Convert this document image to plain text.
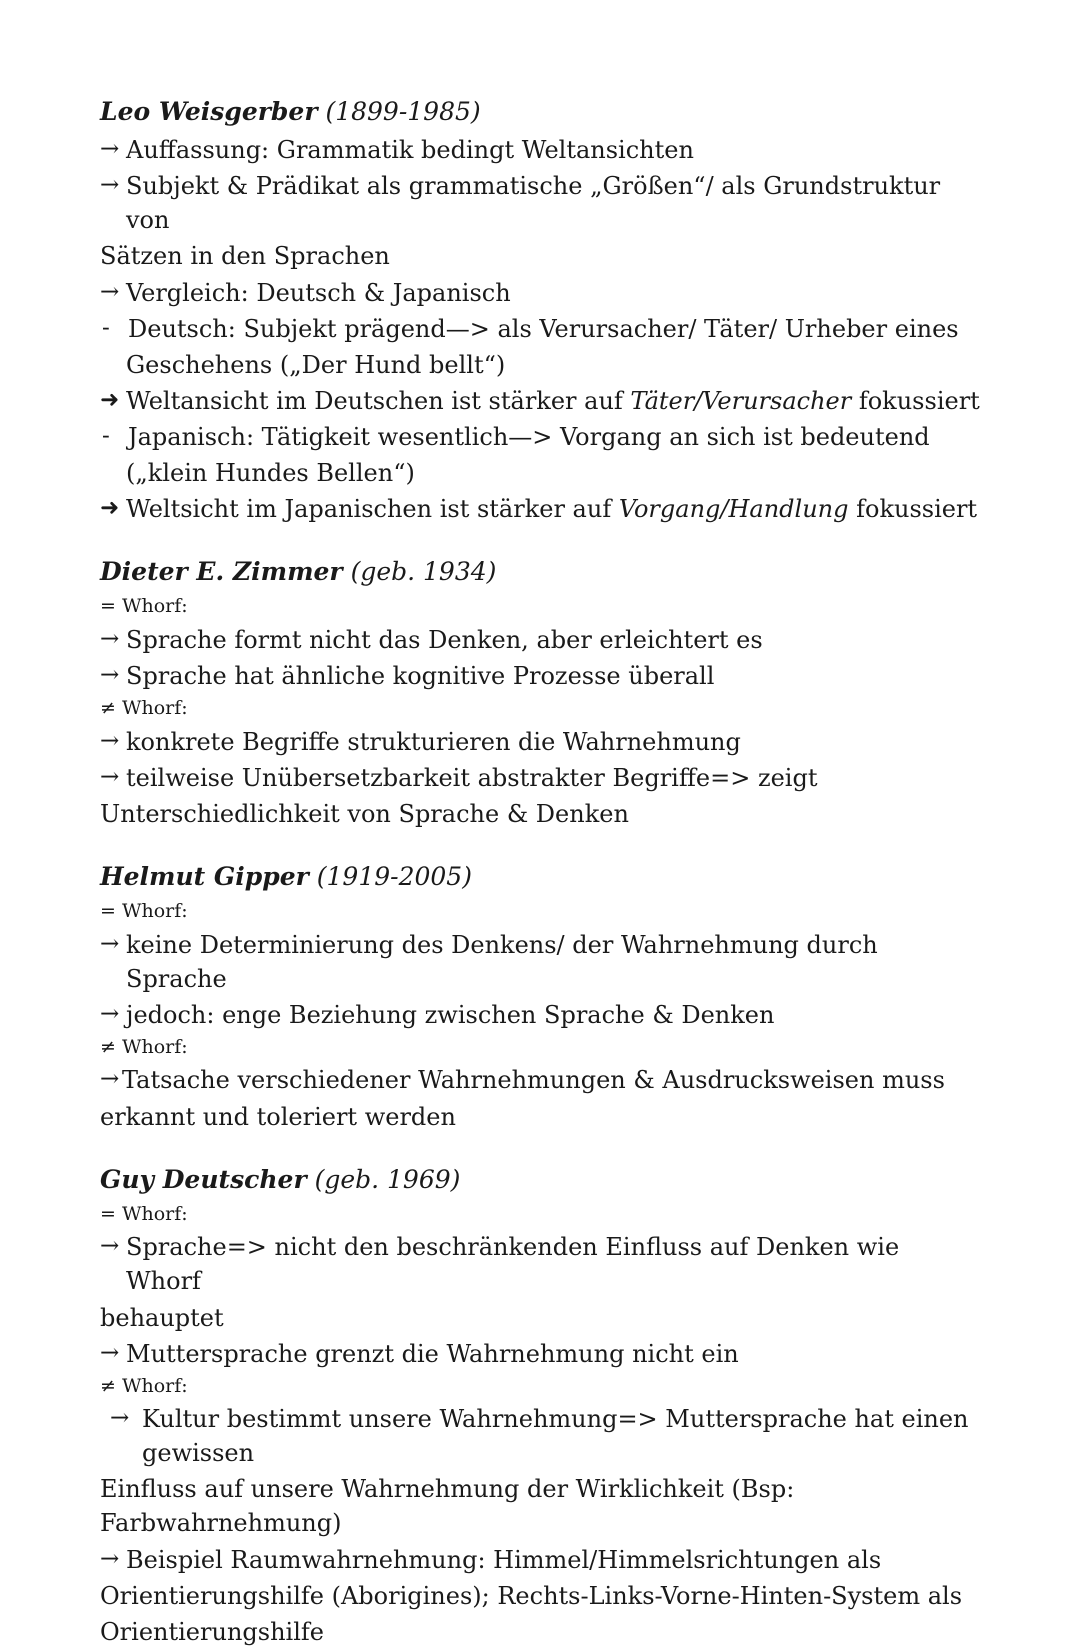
Leo Weisgerber (1899-1985)

→ Auffassung: Grammatik bedingt Weltansichten

→ Subjekt & Prädikat als grammatische „Größen“/ als Grundstruktur von

Sätzen in den Sprachen

→ Vergleich: Deutsch & Japanisch

- Deutsch: Subjekt prägend—> als Verursacher/ Täter/ Urheber eines

Geschehens („Der Hund bellt“)

➜ Weltansicht im Deutschen ist stärker auf Täter/Verursacher fokussiert

- Japanisch: Tätigkeit wesentlich—> Vorgang an sich ist bedeutend

(„klein Hundes Bellen“)

➜ Weltsicht im Japanischen ist stärker auf Vorgang/Handlung fokussiert

Dieter E. Zimmer (geb. 1934)

= Whorf:

→ Sprache formt nicht das Denken, aber erleichtert es

→ Sprache hat ähnliche kognitive Prozesse überall

≠ Whorf:

→ konkrete Begriffe strukturieren die Wahrnehmung

→ teilweise Unübersetzbarkeit abstrakter Begriffe=> zeigt

Unterschiedlichkeit von Sprache & Denken

Helmut Gipper (1919-2005)

= Whorf:

→ keine Determinierung des Denkens/ der Wahrnehmung durch Sprache

→ jedoch: enge Beziehung zwischen Sprache & Denken

≠ Whorf:

→ Tatsache verschiedener Wahrnehmungen & Ausdrucksweisen muss

erkannt und toleriert werden

Guy Deutscher (geb. 1969)

= Whorf:

→ Sprache=> nicht den beschränkenden Einfluss auf Denken wie Whorf

behauptet

→ Muttersprache grenzt die Wahrnehmung nicht ein

≠ Whorf:

→ Kultur bestimmt unsere Wahrnehmung=> Muttersprache hat einen gewissen

Einfluss auf unsere Wahrnehmung der Wirklichkeit (Bsp: Farbwahrnehmung)

→ Beispiel Raumwahrnehmung: Himmel/Himmelsrichtungen als

Orientierungshilfe (Aborigines); Rechts-Links-Vorne-Hinten-System als

Orientierungshilfe
